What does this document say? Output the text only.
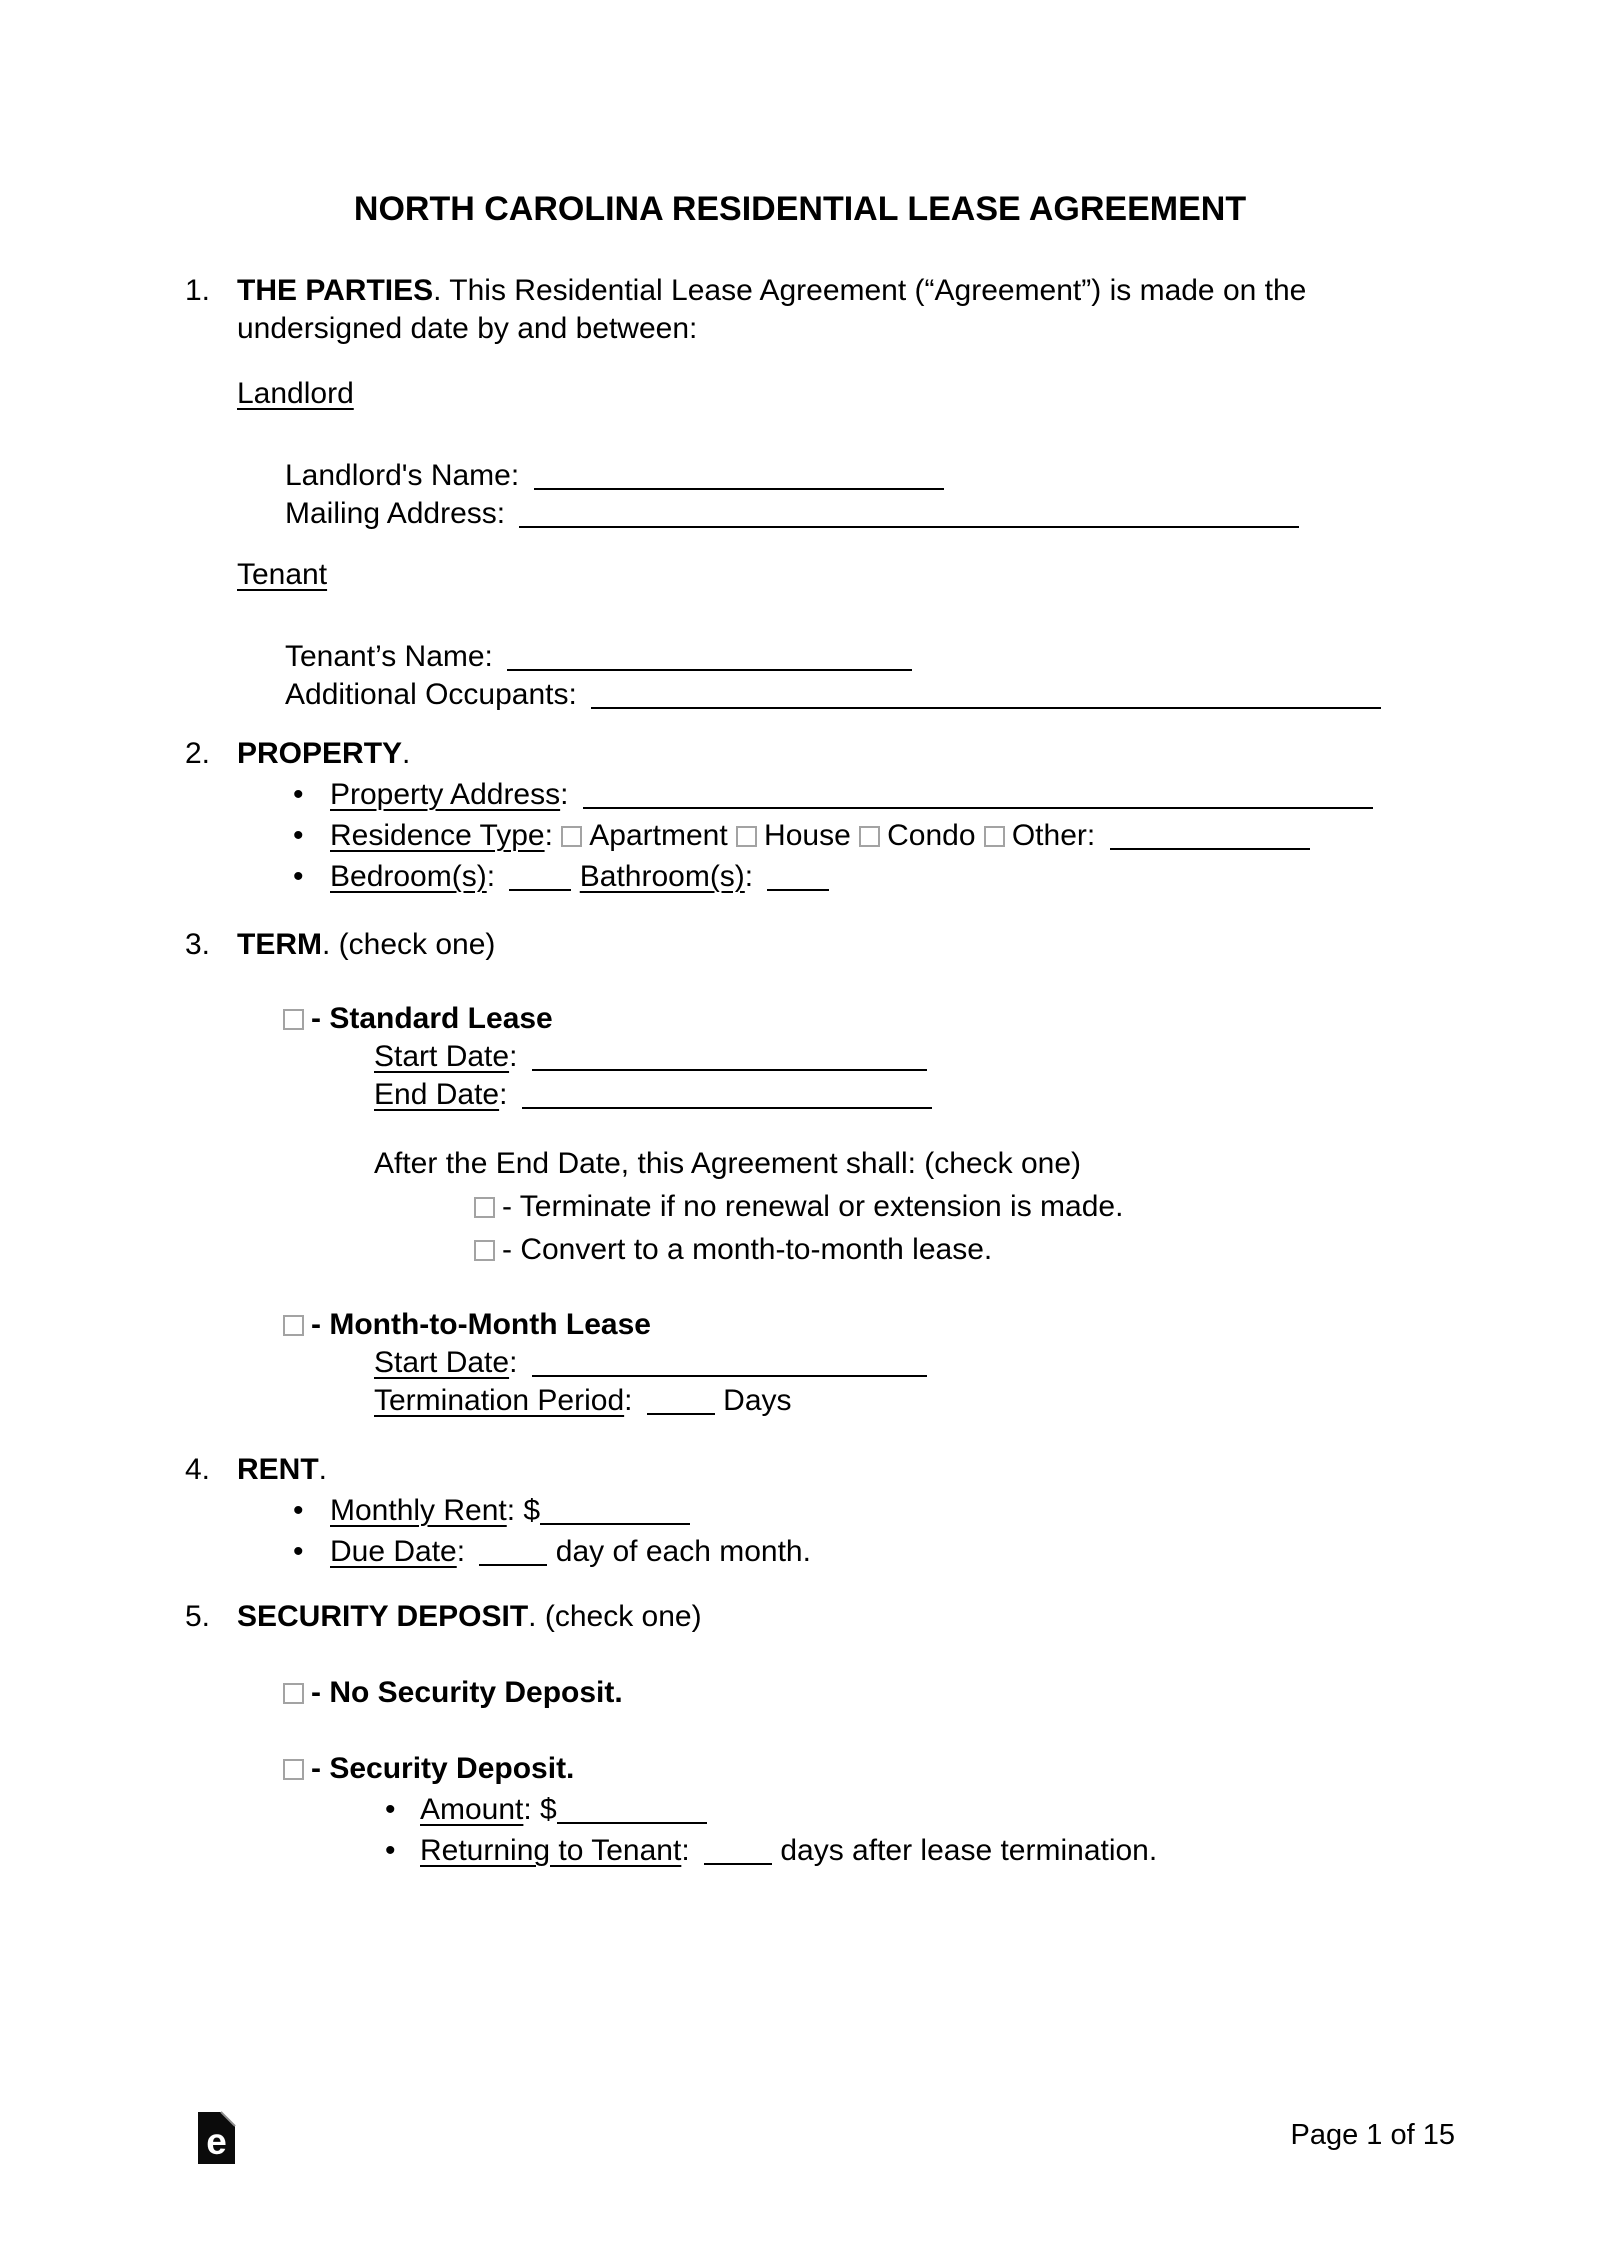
NORTH CAROLINA RESIDENTIAL LEASE AGREEMENT
1. THE PARTIES. This Residential Lease Agreement (“Agreement”) is made on the undersigned date by and between:

Landlord

Landlord's Name:
Mailing Address:

Tenant

Tenant’s Name:
Additional Occupants:
2. PROPERTY.

• Property Address:
• Residence Type: Apartment House Condo Other:
• Bedroom(s):	Bathroom(s):
3. TERM. (check one)

- Standard Lease
Start Date:
End Date:

After the End Date, this Agreement shall: (check one)

- Terminate if no renewal or extension is made.
- Convert to a month-to-month lease.
- Month-to-Month Lease
Start Date:
Termination Period:	Days
4. RENT.

• Monthly Rent: $
• Due Date:	day of each month.
5. SECURITY DEPOSIT. (check one)

- No Security Deposit.
- Security Deposit.
• Amount: $
• Returning to Tenant:	days after lease termination.
e	Page 1 of 15
